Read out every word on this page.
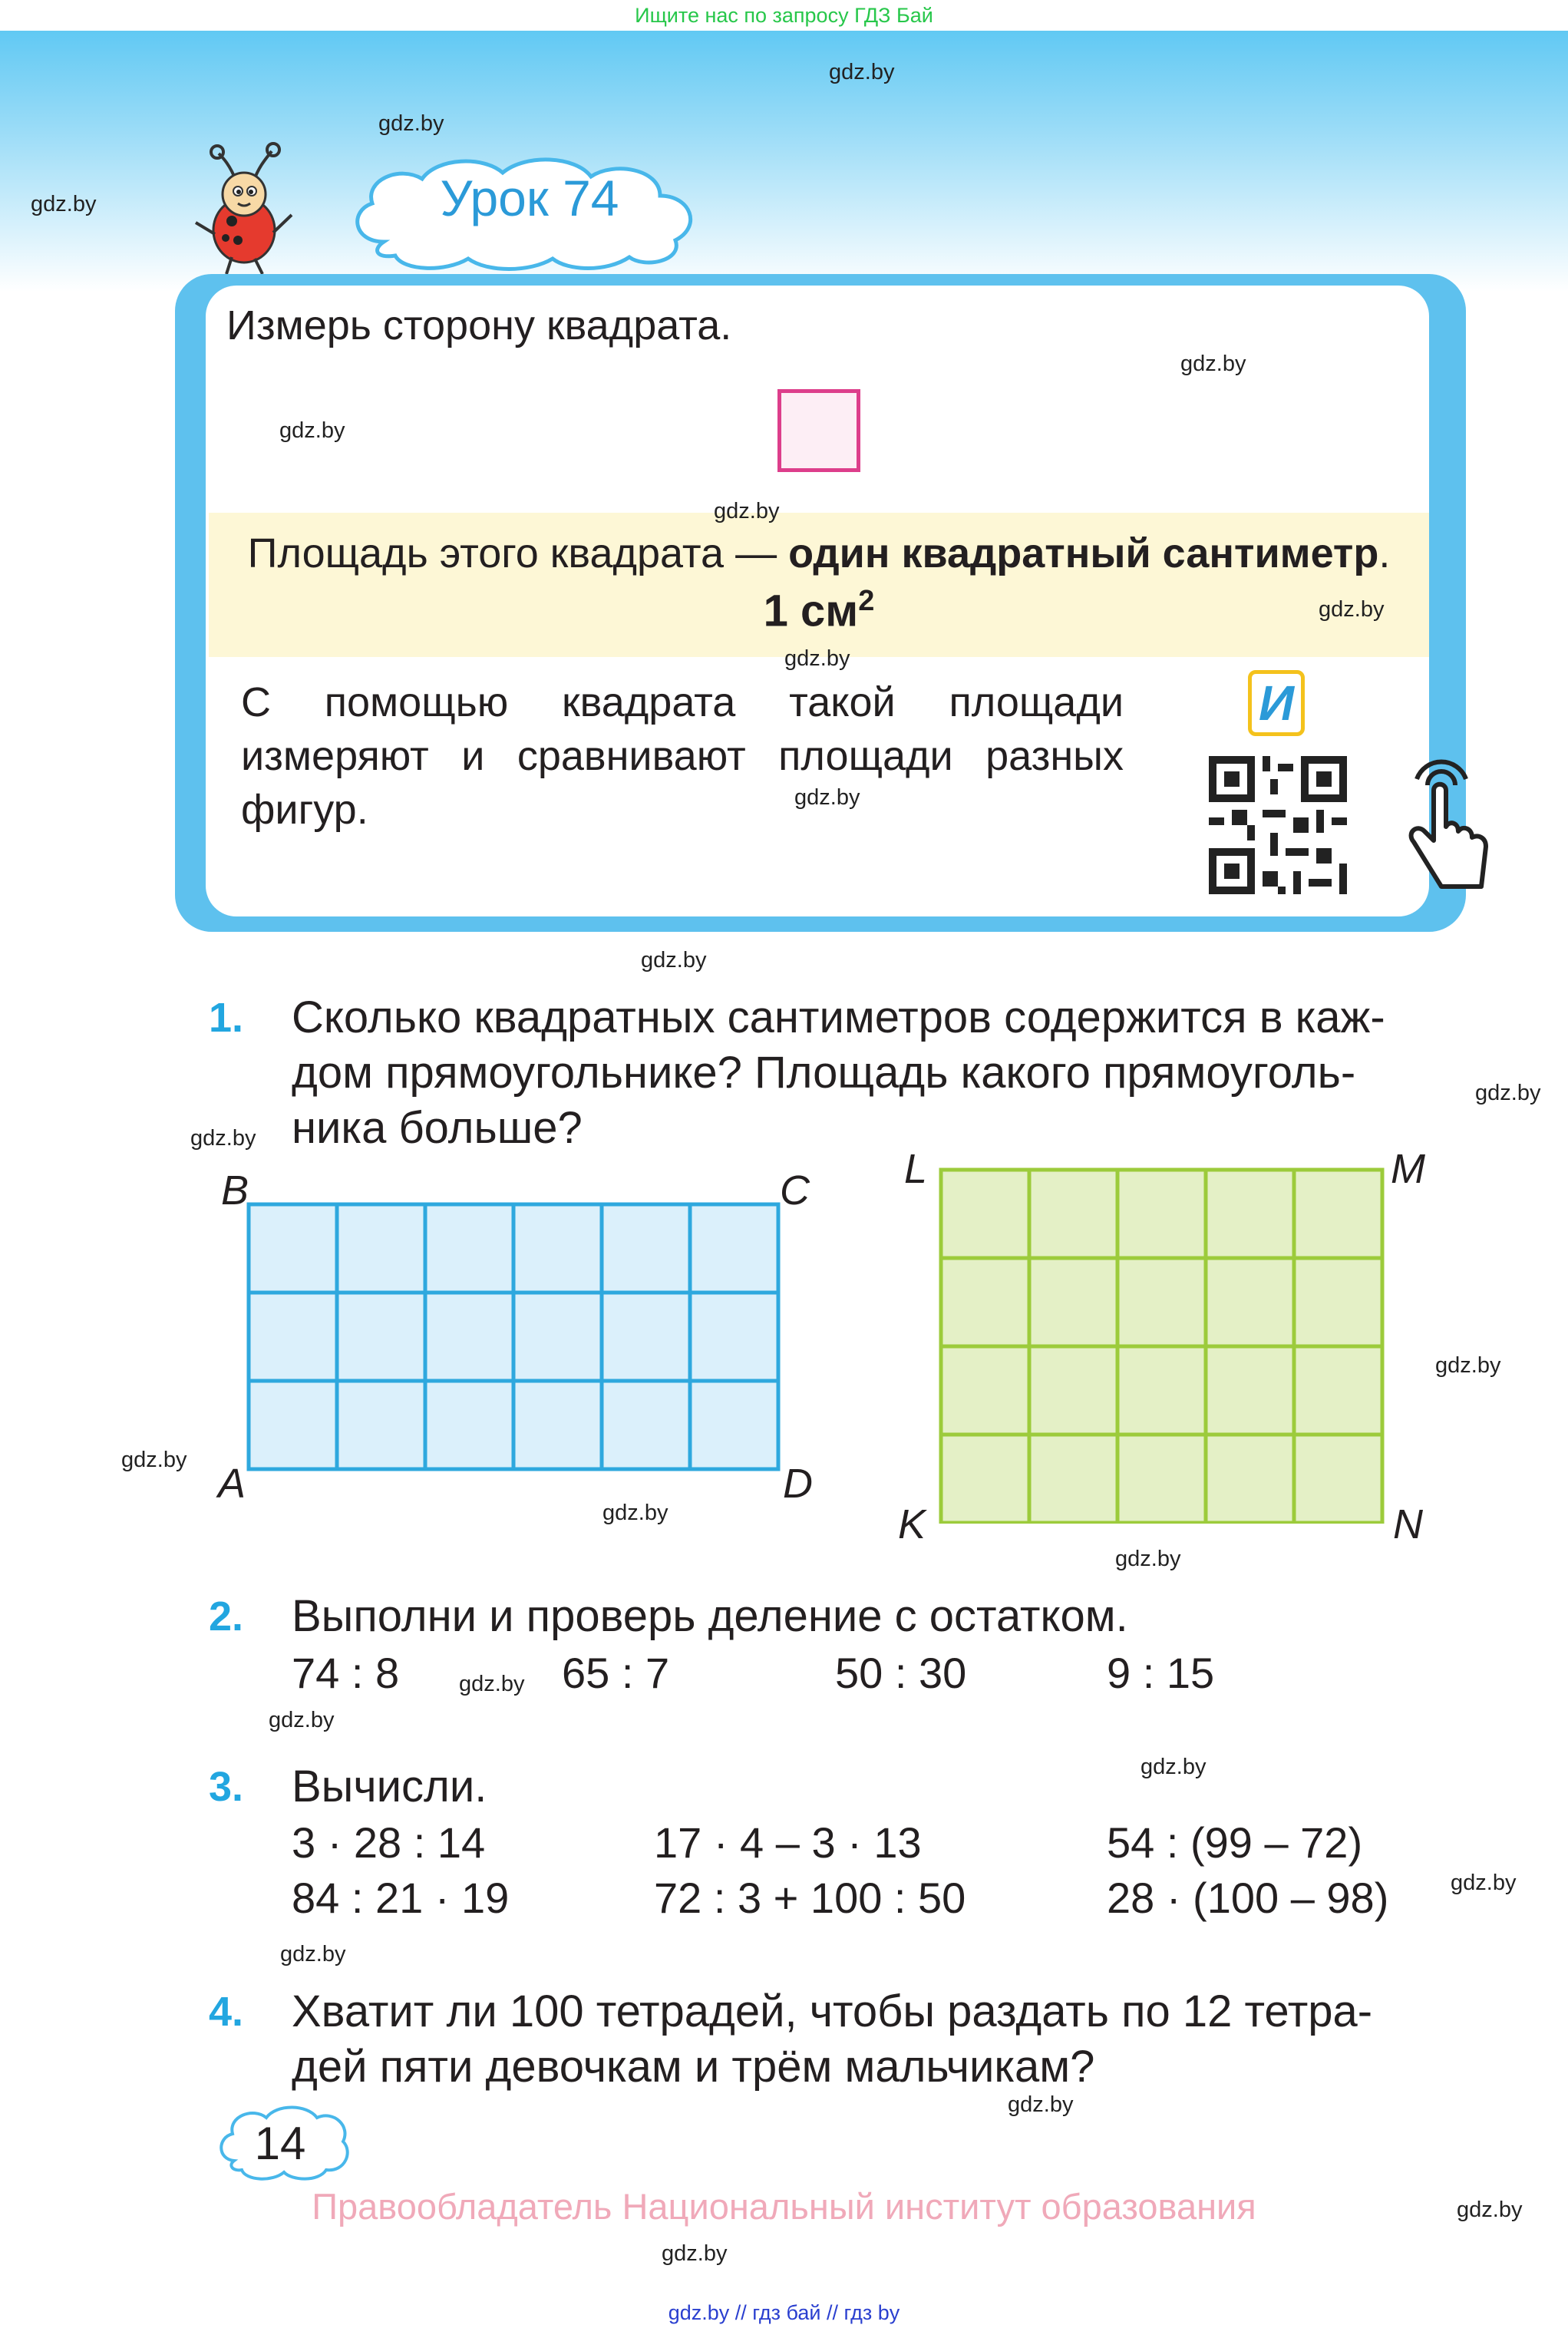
Ищите нас по запросу ГДЗ Бай
Урок 74
Измерь сторону квадрата.
Площадь этого квадрата — один квадратный сантиметр.
1 $см^2$
С помощью квадрата такой площади измеряют и сравнивают площади разных фигур.
И
1. Сколько квадратных сантиметров содержится в каж-
дом прямоугольнике? Площадь какого прямоуголь-
ника больше?
B	C
A	D
L	M
K	N
2. Выполни и проверь деление с остатком.
74 : 8	65 : 7	50 : 30	9 : 15
3. Вычисли.
3 · 28 : 14	17 · 4 – 3 · 13	54 : (99 – 72)
84 : 21 · 19	72 : 3 + 100 : 50	28 · (100 – 98)
4. Хватит ли 100 тетрадей, чтобы раздать по 12 тетра-
дей пяти девочкам и трём мальчикам?
14
Правообладатель Национальный институт образования
gdz.by // гдз бай // гдз by
gdz.by
gdz.by
gdz.by
gdz.by
gdz.by
gdz.by
gdz.by
gdz.by
gdz.by
gdz.by
gdz.by
gdz.by
gdz.by
gdz.by
gdz.by
gdz.by
gdz.by
gdz.by
gdz.by
gdz.by
gdz.by
gdz.by
gdz.by
gdz.by
